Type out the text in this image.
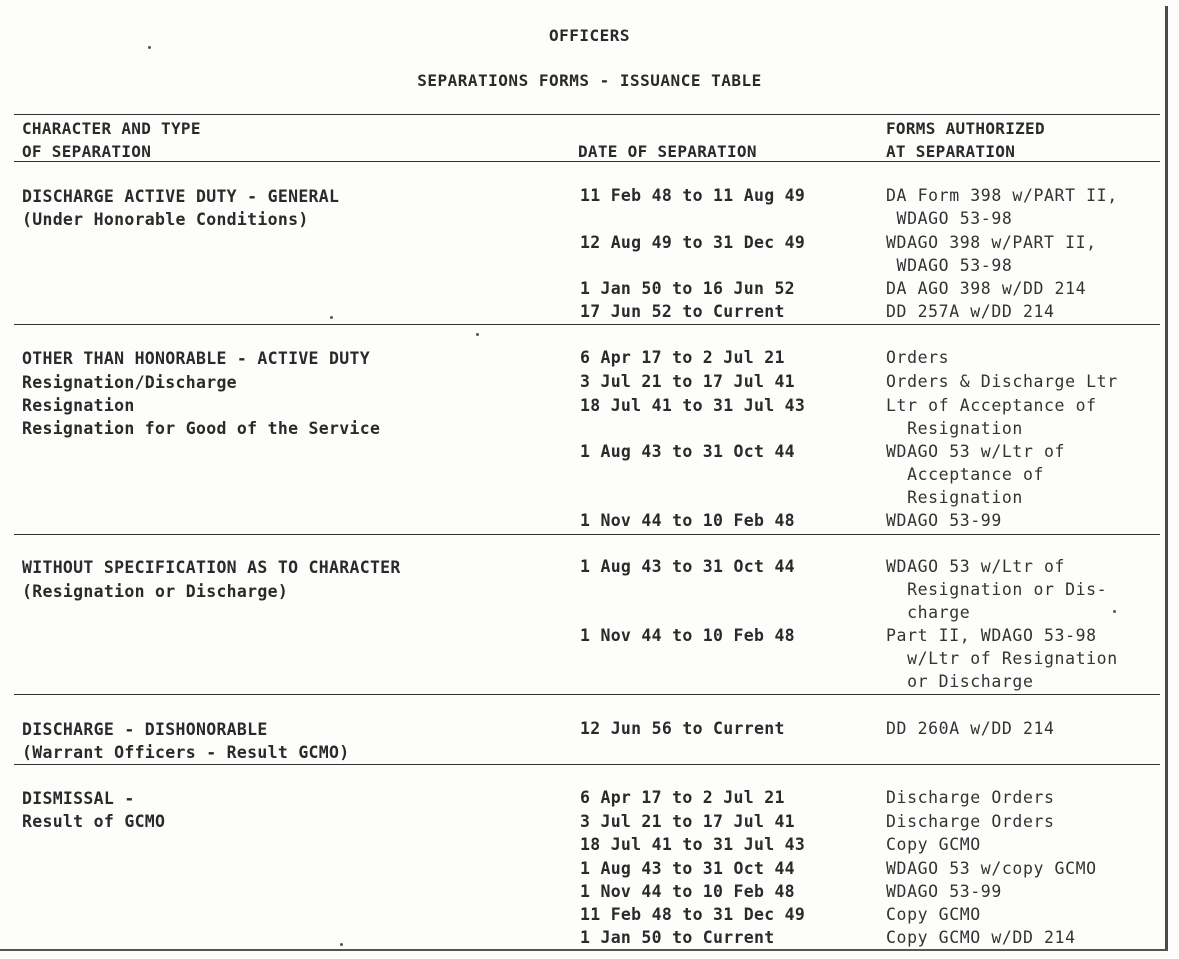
OFFICERS
SEPARATIONS FORMS - ISSUANCE TABLE
CHARACTER AND TYPE
OF SEPARATION	DATE OF SEPARATION
FORMS AUTHORIZED
AT SEPARATION
DISCHARGE ACTIVE DUTY - GENERAL
(Under Honorable Conditions)
11 Feb 48 to 11 Aug 49	DA Form 398 w/PART II,
WDAGO 53-98
12 Aug 49 to 31 Dec 49	WDAGO 398 w/PART II,
WDAGO 53-98
1 Jan 50 to 16 Jun 52	DA AGO 398 w/DD 214
17 Jun 52 to Current	DD 257A w/DD 214
OTHER THAN HONORABLE - ACTIVE DUTY
Resignation/Discharge
Resignation
Resignation for Good of the Service
6 Apr 17 to 2 Jul 21	Orders
3 Jul 21 to 17 Jul 41	Orders & Discharge Ltr
18 Jul 41 to 31 Jul 43	Ltr of Acceptance of
Resignation
1 Aug 43 to 31 Oct 44	WDAGO 53 w/Ltr of
Acceptance of
Resignation
1 Nov 44 to 10 Feb 48	WDAGO 53-99
WITHOUT SPECIFICATION AS TO CHARACTER
(Resignation or Discharge)
1 Aug 43 to 31 Oct 44	WDAGO 53 w/Ltr of
Resignation or Dis-
charge
1 Nov 44 to 10 Feb 48	Part II, WDAGO 53-98
w/Ltr of Resignation
or Discharge
DISCHARGE - DISHONORABLE
(Warrant Officers - Result GCMO)
12 Jun 56 to Current	DD 260A w/DD 214
DISMISSAL -
Result of GCMO
6 Apr 17 to 2 Jul 21	Discharge Orders
3 Jul 21 to 17 Jul 41	Discharge Orders
18 Jul 41 to 31 Jul 43	Copy GCMO
1 Aug 43 to 31 Oct 44	WDAGO 53 w/copy GCMO
1 Nov 44 to 10 Feb 48	WDAGO 53-99
11 Feb 48 to 31 Dec 49	Copy GCMO
1 Jan 50 to Current	Copy GCMO w/DD 214
